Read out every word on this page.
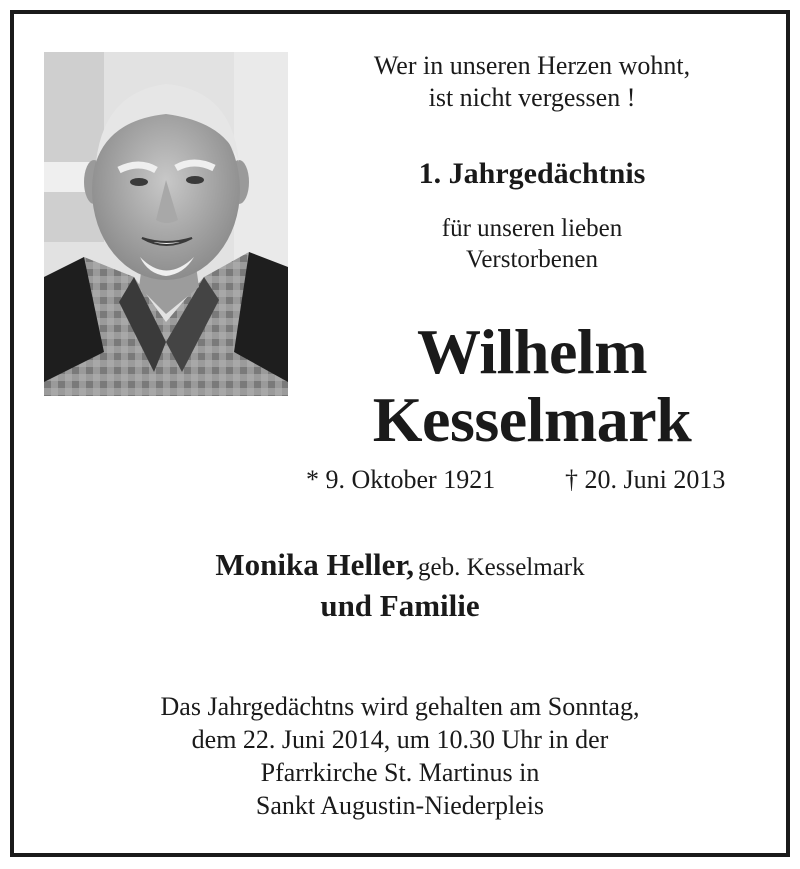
Wer in unseren Herzen wohnt,
ist nicht vergessen !
1. Jahrgedächtnis
für unseren lieben
Verstorbenen
Wilhelm
Kesselmark
* 9. Oktober 1921	† 20. Juni 2013
Monika Heller, geb. Kesselmark
und Familie
Das Jahrgedächtns wird gehalten am Sonntag,
dem 22. Juni 2014, um 10.30 Uhr in der
Pfarrkirche St. Martinus in
Sankt Augustin-Niederpleis
